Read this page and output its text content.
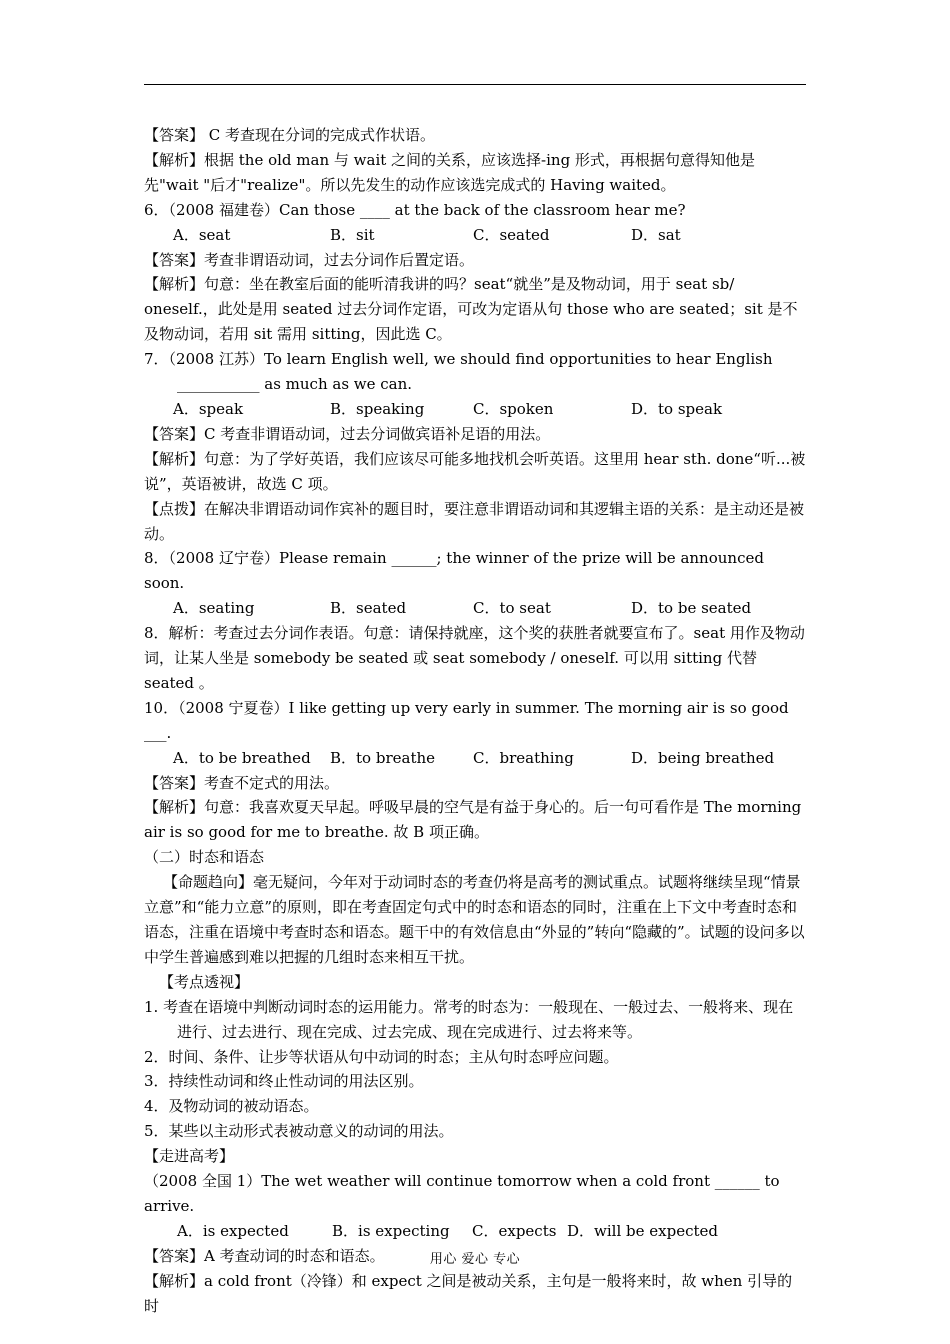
【答案】 C 考查现在分词的完成式作状语。

【解析】根据 the old man 与 wait 之间的关系，应该选择-ing 形式，再根据句意得知他是先"wait "后才"realize"。所以先发生的动作应该选完成式的 Having waited。

6．（2008 福建卷）Can those ____ at the back of the classroom hear me?

A．seat	B．sit	C．seated	D．sat

【答案】考查非谓语动词，过去分词作后置定语。

【解析】句意：坐在教室后面的能听清我讲的吗？seat“就坐”是及物动词，用于 seat sb/ oneself.，此处是用 seated 过去分词作定语，可改为定语从句 those who are seated；sit 是不及物动词，若用 sit 需用 sitting，因此选 C。

7．（2008 江苏）To learn English well, we should find opportunities to hear English ___________ as much as we can.

A．speak	B．speaking	C．spoken	D．to speak

【答案】C 考查非谓语动词，过去分词做宾语补足语的用法。

【解析】句意：为了学好英语，我们应该尽可能多地找机会听英语。这里用 hear sth. done“听...被说”，英语被讲，故选 C 项。

【点拨】在解决非谓语动词作宾补的题目时，要注意非谓语动词和其逻辑主语的关系：是主动还是被动。

8．（2008 辽宁卷）Please remain ______; the winner of the prize will be announced soon.

A．seating	B．seated	C．to seat	D．to be seated

8．解析：考查过去分词作表语。句意：请保持就座，这个奖的获胜者就要宣布了。seat 用作及物动词，让某人坐是 somebody be seated 或 seat somebody / oneself. 可以用 sitting 代替 seated 。

10．（2008 宁夏卷）I like getting up very early in summer. The morning air is so good ___.

A．to be breathed	B．to breathe	C．breathing	D．being breathed

【答案】考查不定式的用法。

【解析】句意：我喜欢夏天早起。呼吸早晨的空气是有益于身心的。后一句可看作是 The morning air is so good for me to breathe. 故 B 项正确。

（二）时态和语态

【命题趋向】毫无疑问，今年对于动词时态的考查仍将是高考的测试重点。试题将继续呈现“情景立意”和“能力立意”的原则，即在考查固定句式中的时态和语态的同时，注重在上下文中考查时态和语态，注重在语境中考查时态和语态。题干中的有效信息由“外显的”转向“隐藏的”。试题的设问多以中学生普遍感到难以把握的几组时态来相互干扰。

【考点透视】

1. 考查在语境中判断动词时态的运用能力。常考的时态为：一般现在、一般过去、一般将来、现在进行、过去进行、现在完成、过去完成、现在完成进行、过去将来等。

2．时间、条件、让步等状语从句中动词的时态；主从句时态呼应问题。

3．持续性动词和终止性动词的用法区别。

4．及物动词的被动语态。

5．某些以主动形式表被动意义的动词的用法。

【走进高考】

（2008 全国 1）The wet weather will continue tomorrow when a cold front ______ to arrive.

A．is expected	B．is expecting	C．expects D．will be expected

【答案】A 考查动词的时态和语态。

【解析】a cold front（冷锋）和 expect 之间是被动关系，主句是一般将来时，故 when 引导的时

用心 爱心 专心
